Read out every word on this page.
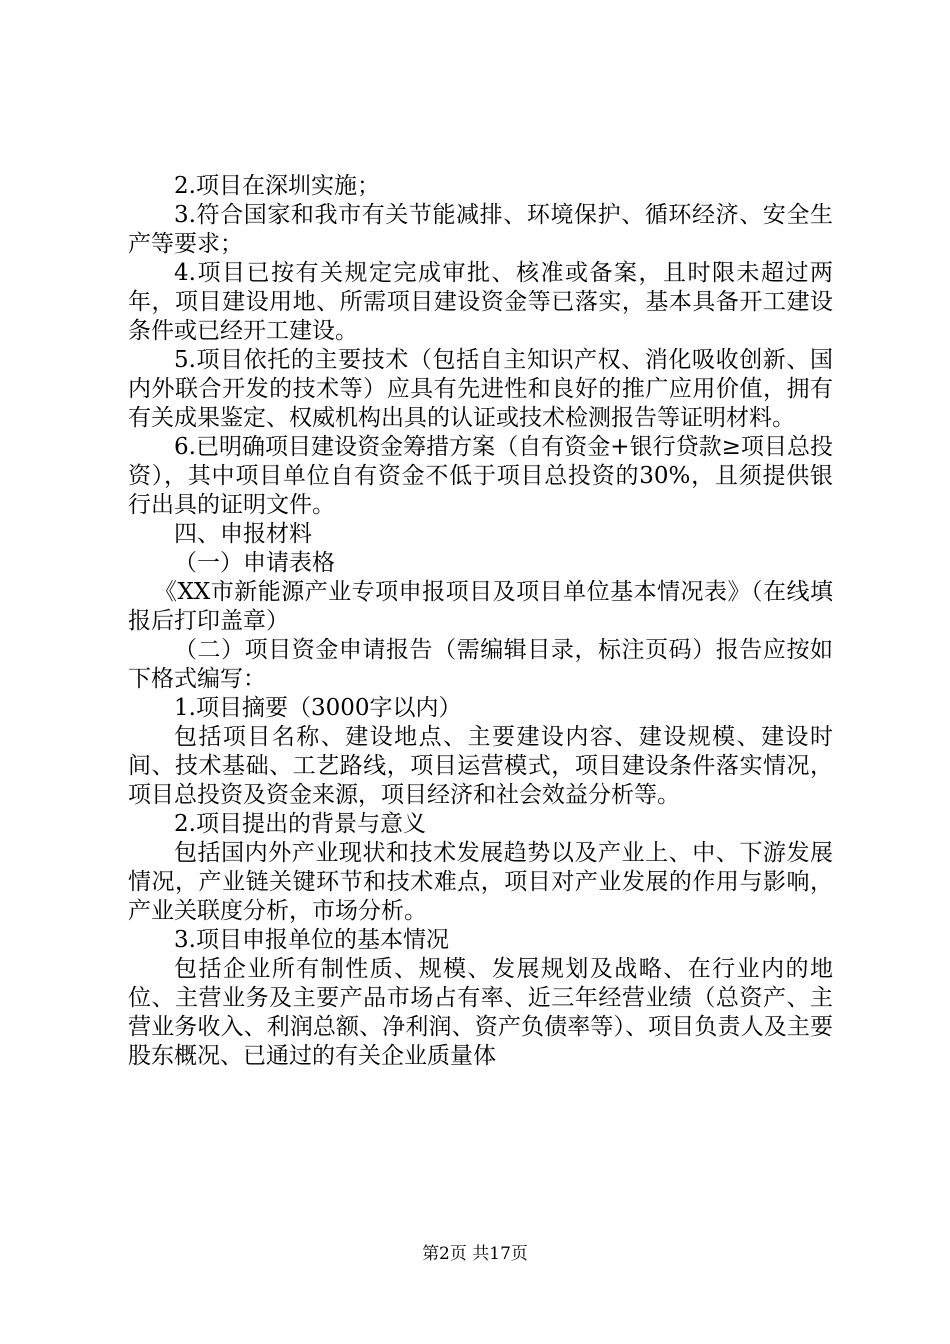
2.项目在深圳实施；

3.符合国家和我市有关节能减排、环境保护、循环经济、安全生产等要求；

4.项目已按有关规定完成审批、核准或备案，且时限未超过两年，项目建设用地、所需项目建设资金等已落实，基本具备开工建设条件或已经开工建设。

5.项目依托的主要技术（包括自主知识产权、消化吸收创新、国内外联合开发的技术等）应具有先进性和良好的推广应用价值，拥有有关成果鉴定、权威机构出具的认证或技术检测报告等证明材料。

6.已明确项目建设资金筹措方案（自有资金+银行贷款≥项目总投资），其中项目单位自有资金不低于项目总投资的30%，且须提供银行出具的证明文件。

四、申报材料

（一）申请表格

《XX市新能源产业专项申报项目及项目单位基本情况表》（在线填报后打印盖章）

（二）项目资金申请报告（需编辑目录，标注页码）报告应按如下格式编写：

1.项目摘要（3000字以内）

包括项目名称、建设地点、主要建设内容、建设规模、建设时间、技术基础、工艺路线，项目运营模式，项目建设条件落实情况，项目总投资及资金来源，项目经济和社会效益分析等。

2.项目提出的背景与意义

包括国内外产业现状和技术发展趋势以及产业上、中、下游发展情况，产业链关键环节和技术难点，项目对产业发展的作用与影响，产业关联度分析，市场分析。

3.项目申报单位的基本情况

包括企业所有制性质、规模、发展规划及战略、在行业内的地位、主营业务及主要产品市场占有率、近三年经营业绩（总资产、主营业务收入、利润总额、净利润、资产负债率等）、项目负责人及主要股东概况、已通过的有关企业质量体

第2页 共17页
